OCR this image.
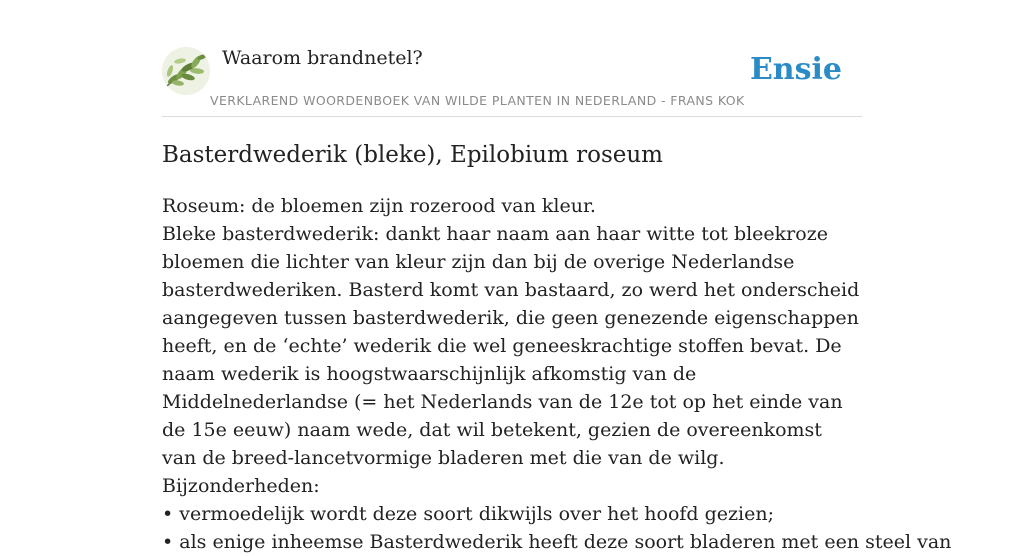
Waarom brandnetel?	Ensie
VERKLAREND WOORDENBOEK VAN WILDE PLANTEN IN NEDERLAND - FRANS KOK
Basterdwederik (bleke), Epilobium roseum

Roseum: de bloemen zijn rozerood van kleur.

Bleke basterdwederik: dankt haar naam aan haar witte tot bleekroze bloemen die lichter van kleur zijn dan bij de overige Nederlandse basterdwederiken. Basterd komt van bastaard, zo werd het onderscheid aangegeven tussen basterdwederik, die geen genezende eigenschappen heeft, en de ‘echte’ wederik die wel geneeskrachtige stoffen bevat. De naam wederik is hoogstwaarschijnlijk afkomstig van de Middelnederlandse (= het Nederlands van de 12e tot op het einde van de 15e eeuw) naam wede, dat wil betekent, gezien de overeenkomst van de breed-lancetvormige bladeren met die van de wilg.

Bijzonderheden:

• vermoedelijk wordt deze soort dikwijls over het hoofd gezien;

• als enige inheemse Basterdwederik heeft deze soort bladeren met een steel van
